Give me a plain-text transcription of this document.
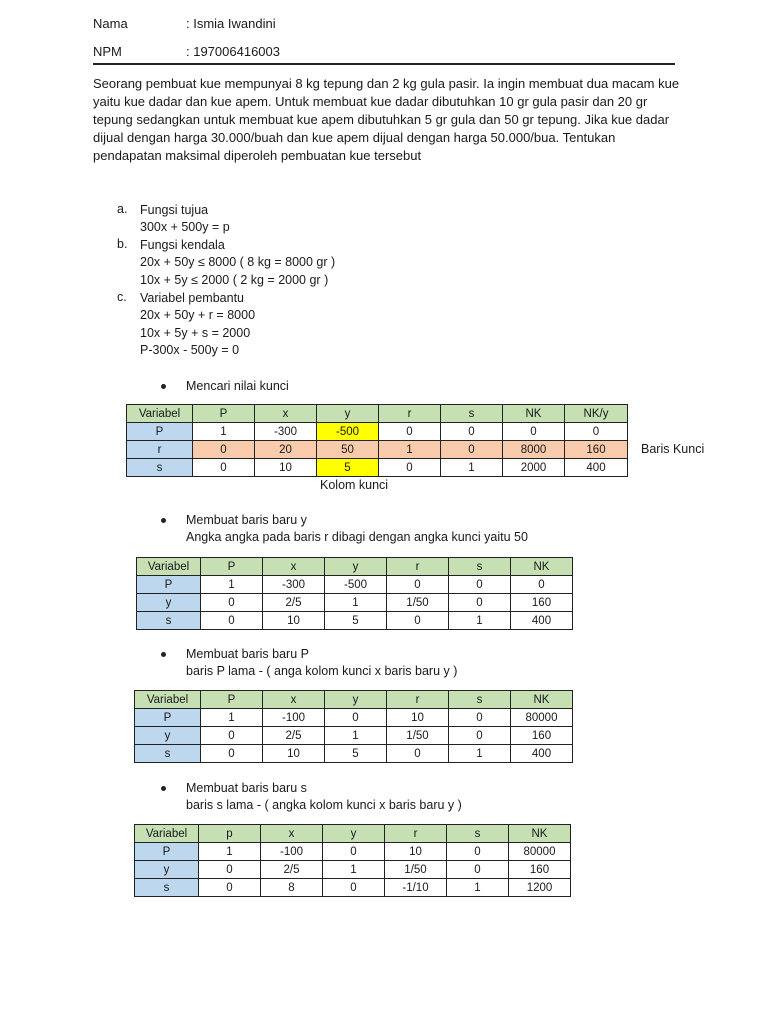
Nama	: Ismia Iwandini
NPM	: 197006416003
Seorang pembuat kue mempunyai 8 kg tepung dan 2 kg gula pasir. Ia ingin membuat dua macam kue
yaitu kue dadar dan kue apem. Untuk membuat kue dadar dibutuhkan 10 gr gula pasir dan 20 gr
tepung sedangkan untuk membuat kue apem dibutuhkan 5 gr gula dan 50 gr tepung. Jika kue dadar
dijual dengan harga 30.000/buah dan kue apem dijual dengan harga 50.000/bua. Tentukan
pendapatan maksimal diperoleh pembuatan kue tersebut
a. Fungsi tujua
300x + 500y = p
b. Fungsi kendala
20x + 50y ≤ 8000 ( 8 kg = 8000 gr )
10x + 5y ≤ 2000 ( 2 kg = 2000 gr )
c. Variabel pembantu
20x + 50y + r = 8000
10x + 5y + s = 2000
P-300x - 500y = 0
Mencari nilai kunci
Variabel	P	x	y	r	s	NK	NK/y
P	1	-300	-500	0	0	0	0
r	0	20	50	1	0	8000	160
s	0	10	5	0	1	2000	400
Baris Kunci
Kolom kunci
Membuat baris baru y
Angka angka pada baris r dibagi dengan angka kunci yaitu 50
Variabel	P	x	y	r	s	NK
P	1	-300	-500	0	0	0
y	0	2/5	1	1/50	0	160
s	0	10	5	0	1	400
Membuat baris baru P
baris P lama - ( anga kolom kunci x baris baru y )
Variabel	P	x	y	r	s	NK
P	1	-100	0	10	0	80000
y	0	2/5	1	1/50	0	160
s	0	10	5	0	1	400
Membuat baris baru s
baris s lama - ( angka kolom kunci x baris baru y )
Variabel	p	x	y	r	s	NK
P	1	-100	0	10	0	80000
y	0	2/5	1	1/50	0	160
s	0	8	0	-1/10	1	1200
